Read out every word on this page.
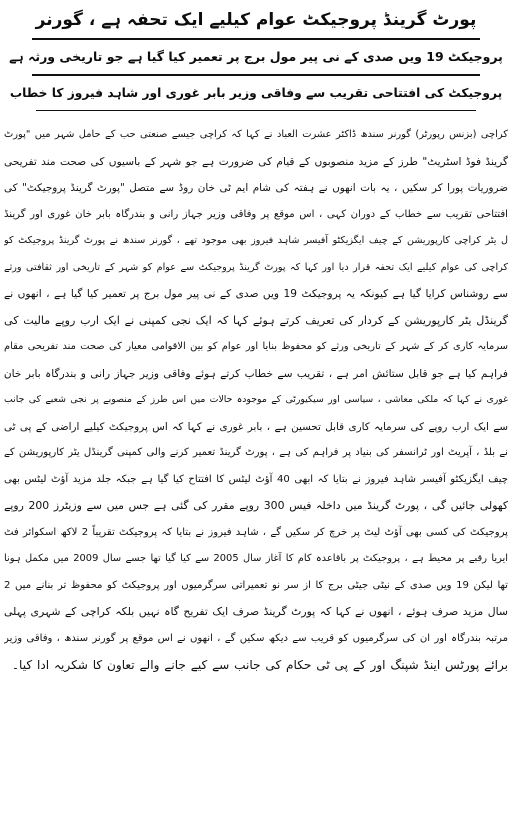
پورٹ گرینڈ پروجیکٹ عوام کیلیے ایک تحفہ ہے ، گورنر
پروجیکٹ 19 ویں صدی کے نی پیر مول برج پر تعمیر کیا گیا ہے جو تاریخی ورثہ ہے
پروجیکٹ کی افتتاحی تقریب سے وفاقی وزیر بابر غوری اور شاہد فیروز کا خطاب
کراچی (بزنس رپورٹر) گورنر سندھ ڈاکٹر عشرت العباد نے کہا کہ کراچی جیسے صنعتی حب کے حامل شہر میں "پورٹ
گرینڈ فوڈ اسٹریٹ" طرز کے مزید منصوبوں کے قیام کی ضرورت ہے جو شہر کے باسیوں کی صحت مند تفریحی
ضروریات پورا کر سکیں ، یہ بات انھوں نے ہفتہ کی شام ایم ٹی خان روڈ سے متصل "پورٹ گرینڈ پروجیکٹ" کی
افتتاحی تقریب سے خطاب کے دوران کہی ، اس موقع پر وفاقی وزیر جہاز رانی و بندرگاہ بابر خان غوری اور گرینڈ
ل یٹر کراچی کارپوریشن کے چیف ایگزیکٹو آفیسر شاہد فیروز بھی موجود تھے ، گورنر سندھ نے پورٹ گرینڈ پروجیکٹ کو
کراچی کی عوام کیلیے ایک تحفہ قرار دیا اور کہا کہ پورٹ گرینڈ پروجیکٹ سے عوام کو شہر کے تاریخی اور ثقافتی ورثے
سے روشناس کرایا گیا ہے کیونکہ یہ پروجیکٹ 19 ویں صدی کے نی پیر مول برج پر تعمیر کیا گیا ہے ، انھوں نے
گرینڈل یٹر کارپوریشن کے کردار کی تعریف کرتے ہوئے کہا کہ ایک نجی کمپنی نے ایک ارب روپے مالیت کی
سرمایہ کاری کر کے شہر کے تاریخی ورثے کو محفوظ بنایا اور عوام کو بین الاقوامی معیار کی صحت مند تفریحی مقام
فراہم کیا ہے جو قابل ستائش امر ہے ، تقریب سے خطاب کرتے ہوئے وفاقی وزیر جہاز رانی و بندرگاہ بابر خان
غوری نے کہا کہ ملکی معاشی ، سیاسی اور سیکیورٹی کے موجودہ حالات میں اس طرز کے منصوبے پر نجی شعبے کی جانب
سے ایک ارب روپے کی سرمایہ کاری قابل تحسین ہے ، بابر غوری نے کہا کہ اس پروجیکٹ کیلیے اراضی کے پی ٹی
نے بلڈ ، آپریٹ اور ٹرانسفر کی بنیاد پر فراہم کی ہے ، پورٹ گرینڈ تعمیر کرنے والی کمپنی گرینڈل یٹر کارپوریشن کے
چیف ایگزیکٹو آفیسر شاہد فیروز نے بتایا کہ ابھی 40 آؤٹ لیٹس کا افتتاح کیا گیا ہے جبکہ جلد مزید آؤٹ لیٹس بھی
کھولی جائیں گی ، پورٹ گرینڈ میں داخلہ فیس 300 روپے مقرر کی گئی ہے جس میں سے وزیٹرز 200 روپے
پروجیکٹ کی کسی بھی آؤٹ لیٹ پر خرچ کر سکیں گے ، شاہد فیروز نے بتایا کہ پروجیکٹ تقریباً 2 لاکھ اسکوائر فٹ
ایریا رقبے پر محیط ہے ، پروجیکٹ پر باقاعدہ کام کا آغاز سال 2005 سے کیا گیا تھا جسے سال 2009 میں مکمل ہونا
تھا لیکن 19 ویں صدی کے نیٹی جیٹی برج کا از سر نو تعمیراتی سرگرمیوں اور پروجیکٹ کو محفوظ تر بنانے میں 2
سال مزید صرف ہوئے ، انھوں نے کہا کہ پورٹ گرینڈ صرف ایک تفریح گاہ نہیں بلکہ کراچی کے شہری پہلی
مرتبہ بندرگاہ اور ان کی سرگرمیوں کو قریب سے دیکھ سکیں گے ، انھوں نے اس موقع پر گورنر سندھ ، وفاقی وزیر
برائے پورٹس اینڈ شپنگ اور کے پی ٹی حکام کی جانب سے کیے جانے والے تعاون کا شکریہ ادا کیا۔
